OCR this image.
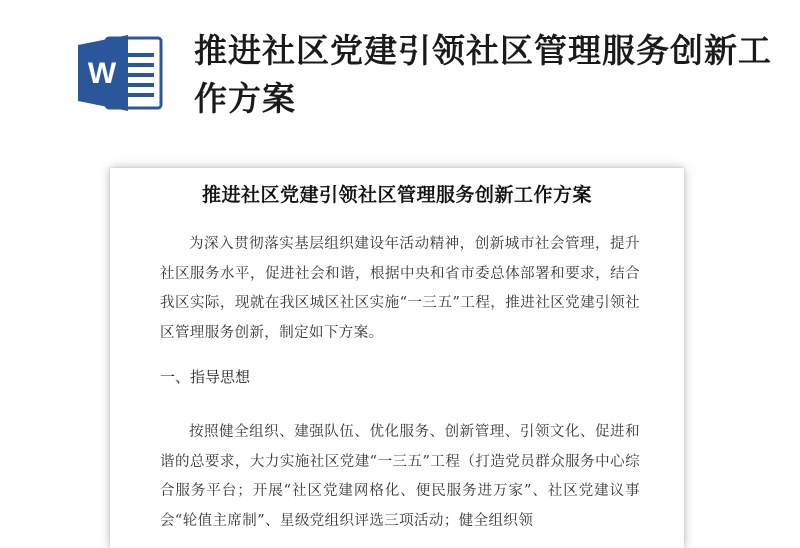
W
推进社区党建引领社区管理服务创新工作方案
推进社区党建引领社区管理服务创新工作方案

为深入贯彻落实基层组织建设年活动精神，创新城市社会管理，提升社区服务水平，促进社会和谐，根据中央和省市委总体部署和要求，结合我区实际，现就在我区城区社区实施“一三五”工程，推进社区党建引领社区管理服务创新，制定如下方案。

一、指导思想

按照健全组织、建强队伍、优化服务、创新管理、引领文化、促进和谐的总要求，大力实施社区党建“一三五”工程（打造党员群众服务中心综合服务平台；开展“社区党建网格化、便民服务进万家”、社区党建议事会“轮值主席制”、星级党组织评选三项活动；健全组织领
